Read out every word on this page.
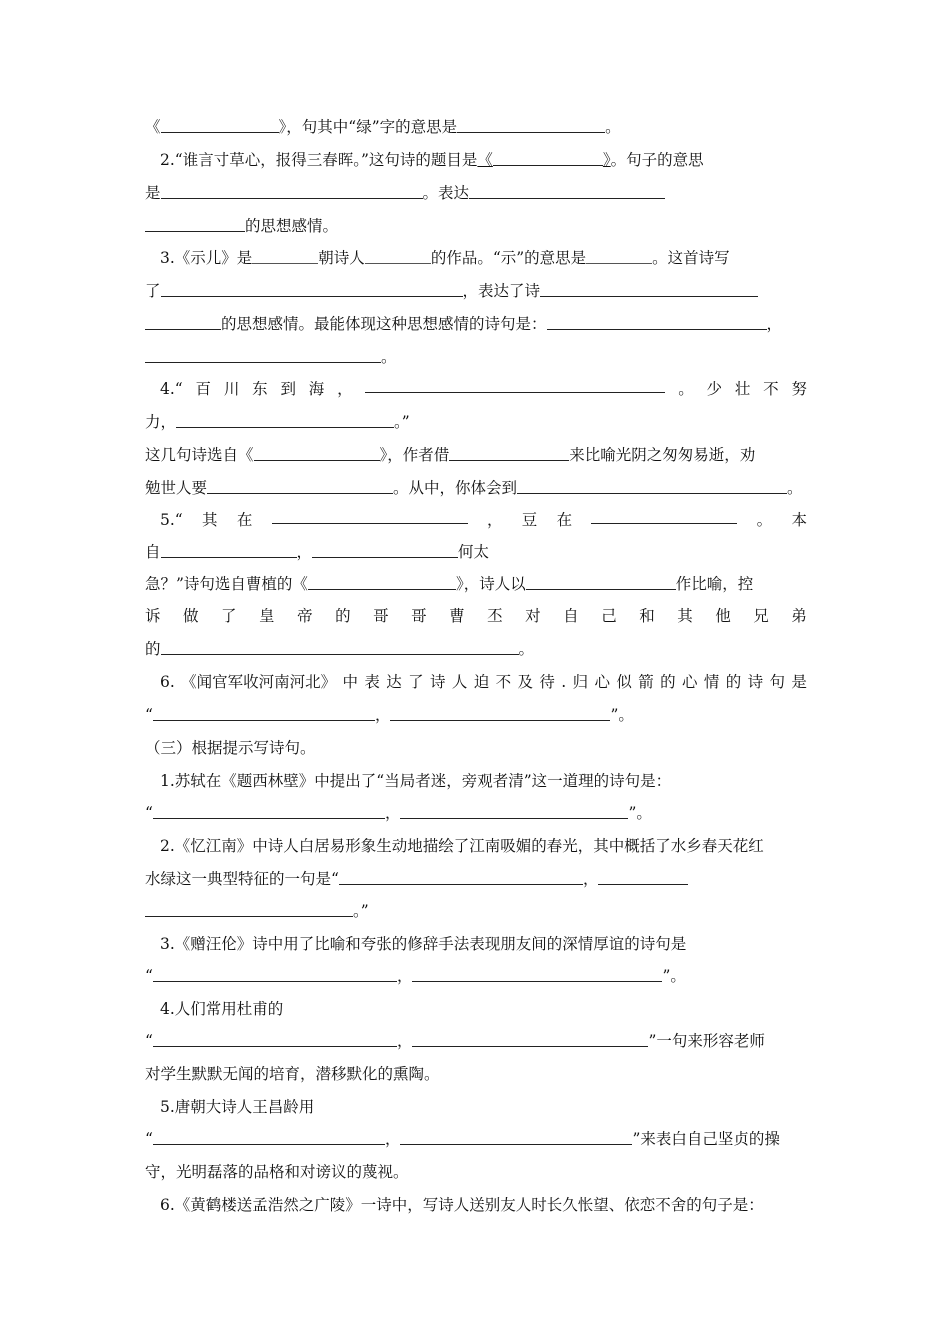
《	》，句其中“绿”字的意思是	。
2.“谁言寸草心，报得三春晖。”这句诗的题目是《	》。句子的意思
是	。表达
的思想感情。
3.《示儿》是	朝诗人	的作品。“示”的意思是	。这首诗写
了	，表达了诗
的思想感情。最能体现这种思想感情的诗句是：	，
。
4.“ 百 川 东 到 海 ，	。 少 壮 不 努
力，	。”
这几句诗选自《	》，作者借	来比喻光阴之匆匆易逝，劝
勉世人要	。从中，你体会到	。
5.“ 其 在	， 豆 在	。 本
自	，	何太
急？”诗句选自曹植的《	》，诗人以	作比喻，控
诉 做 了 皇 帝 的 哥 哥 曹 丕 对 自 己 和 其 他 兄 弟
的	。
6. 《闻官军收河南河北》 中 表 达 了 诗 人 迫 不 及 待 . 归 心 似 箭 的 心 情 的 诗 句 是
“	，	”。
（三）根据提示写诗句。
1.苏轼在《题西林壁》中提出了“当局者迷，旁观者清”这一道理的诗句是：
“	，	”。
2.《忆江南》中诗人白居易形象生动地描绘了江南吸媚的春光，其中概括了水乡春天花红
水绿这一典型特征的一句是“	，
。”
3.《赠汪伦》诗中用了比喻和夸张的修辞手法表现朋友间的深情厚谊的诗句是
“	，	”。
4.人们常用杜甫的
“	，	”一句来形容老师
对学生默默无闻的培育，潜移默化的熏陶。
5.唐朝大诗人王昌龄用
“	，	”来表白自己坚贞的操
守，光明磊落的品格和对谤议的蔑视。
6.《黄鹤楼送孟浩然之广陵》一诗中，写诗人送别友人时长久怅望、依恋不舍的句子是：
